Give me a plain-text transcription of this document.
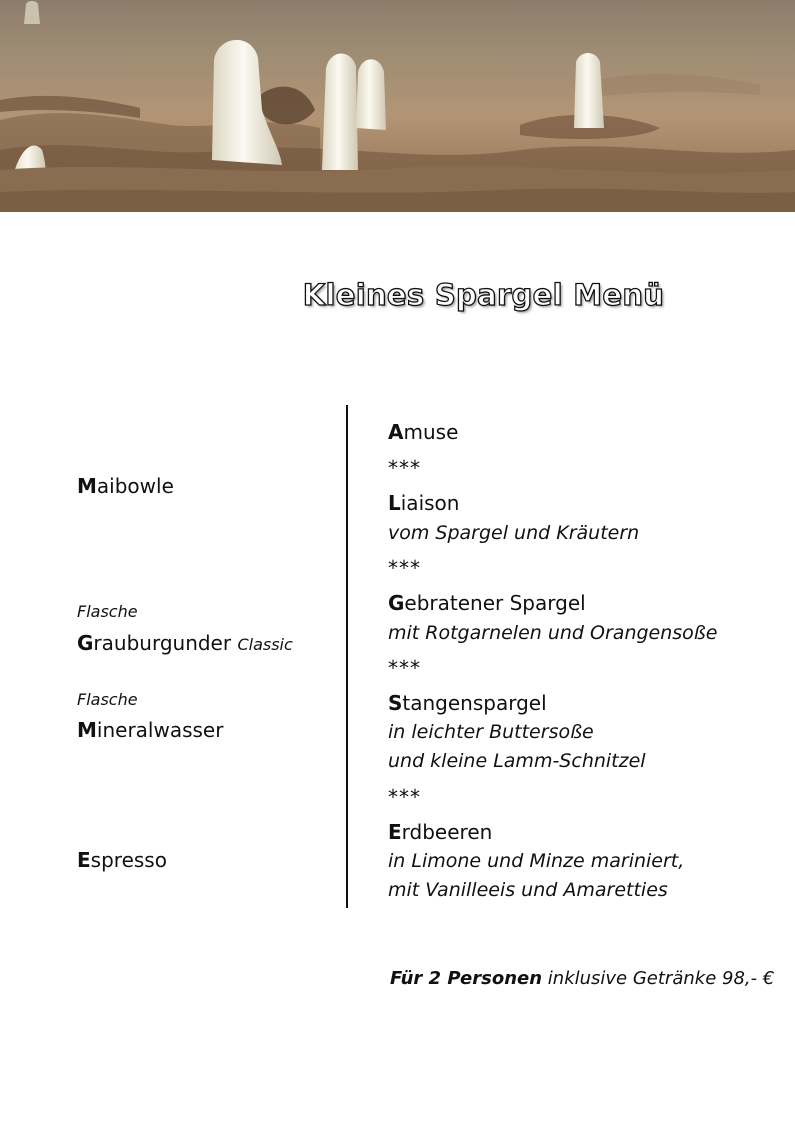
Kleines Spargel Menü
Maibowle
Flasche
Grauburgunder Classic
Flasche
Mineralwasser
Espresso
Amuse
***
Liaison
vom Spargel und Kräutern
***
Gebratener Spargel
mit Rotgarnelen und Orangensoße
***
Stangenspargel
in leichter Buttersoße
und kleine Lamm-Schnitzel
***
Erdbeeren
in Limone und Minze mariniert,
mit Vanilleeis und Amaretties
Für 2 Personen inklusive Getränke 98,- €
